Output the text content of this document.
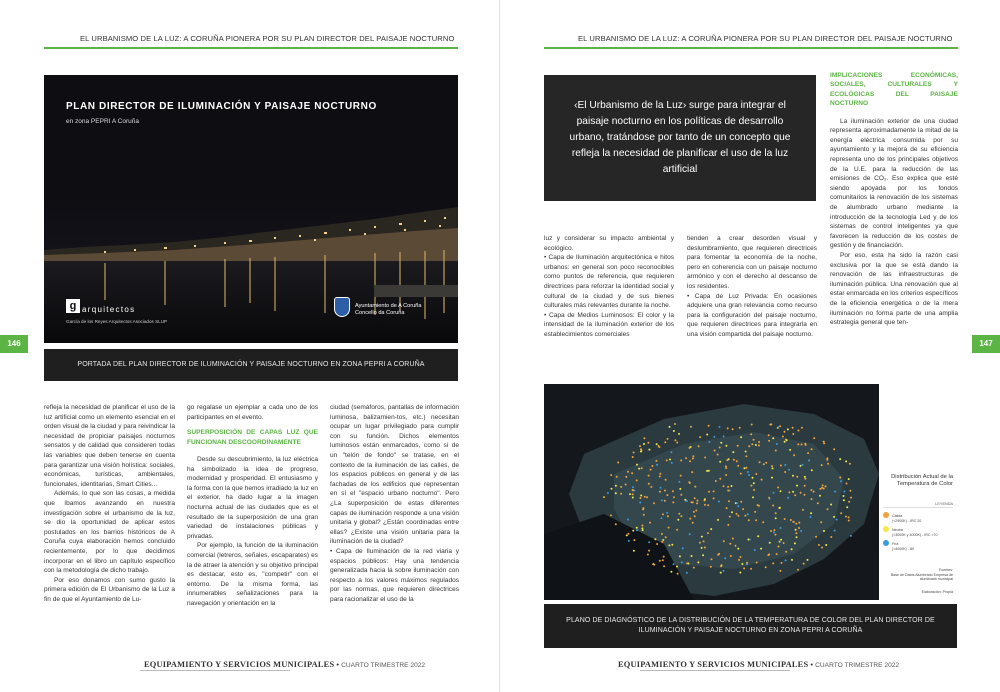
EL URBANISMO DE LA LUZ: A CORUÑA PIONERA POR SU PLAN DIRECTOR DEL PAISAJE NOCTURNO
146
PLAN DIRECTOR DE ILUMINACIÓN Y PAISAJE NOCTURNO
en zona PEPRI A Coruña
g arquitectos
García de los Reyes Arquitectos Asociados SLUP
Ayuntamiento de A Coruña
Concello da Coruña
PORTADA DEL PLAN DIRECTOR DE ILUMINACIÓN Y PAISAJE NOCTURNO EN ZONA PEPRI A CORUÑA

refleja la necesidad de planificar el uso de la luz artificial como un elemento esencial en el orden visual de la ciudad y para reivindicar la necesidad de propiciar paisajes nocturnos sensatos y de calidad que consideren todas las variables que deben tenerse en cuenta para garantizar una visión holística: sociales, económicas, turísticas, ambientales, funcionales, identitarias, Smart Cities...

Además, lo que son las cosas, a medida que íbamos avanzando en nuestra investigación sobre el urbanismo de la luz, se dio la oportunidad de aplicar estos postulados en los barrios históricos de A Coruña cuya elaboración hemos concluido recientemente, por lo que decidimos incorporar en el libro un capítulo específico con la metodología de dicho trabajo.

Por eso donamos con sumo gusto la primera edición de El Urbanismo de la Luz a fin de que el Ayuntamiento de Lu-

go regalase un ejemplar a cada uno de los participantes en el evento.

SUPERPOSICIÓN DE CAPAS LUZ QUE FUNCIONAN DESCOORDINAMENTE

Desde su descubrimiento, la luz eléctrica ha simbolizado la idea de progreso, modernidad y prosperidad. El entusiasmo y la forma con la que hemos irradiado la luz en el exterior, ha dado lugar a la imagen nocturna actual de las ciudades que es el resultado de la superposición de una gran variedad de instalaciones públicas y privadas.

Por ejemplo, la función de la iluminación comercial (letreros, señales, escaparates) es la de atraer la atención y su objetivo principal es destacar, esto es, "competir" con el entorno. De la misma forma, las innumerables señalizaciones para la navegación y orientación en la

ciudad (semáforos, pantallas de información luminosa, balizamien-tos, etc.) necesitan ocupar un lugar privilegiado para cumplir con su función. Dichos elementos luminosos están enmarcados, como si de un "telón de fondo" se tratase, en el contexto de la iluminación de las calles, de los espacios públicos en general y de las fachadas de los edificios que representan en sí el "espacio urbano nocturno". Pero ¿La superposición de estas diferentes capas de iluminación responde a una visión unitaria y global? ¿Están coordinadas entre ellas? ¿Existe una visión unitaria para la iluminación de la ciudad?

• Capa de Iluminación de la red viaria y espacios públicos: Hay una tendencia generalizada hacia la sobre iluminación con respecto a los valores máximos regulados por las normas, que requieren directrices para racionalizar el uso de la

EQUIPAMIENTO Y SERVICIOS MUNICIPALES • CUARTO TRIMESTRE 2022
EL URBANISMO DE LA LUZ: A CORUÑA PIONERA POR SU PLAN DIRECTOR DEL PAISAJE NOCTURNO
147

luz y considerar su impacto ambiental y ecológico.

• Capa de Iluminación arquitectónica e hitos urbanos: en general son poco reconocibles como puntos de referencia, que requieren directrices para reforzar la identidad social y cultural de la ciudad y de sus bienes culturales más relevantes durante la noche.

• Capa de Medios Luminosos: El color y la intensidad de la iluminación exterior de los establecimientos comerciales

tienden a crear desorden visual y deslumbramiento, que requieren directrices para fomentar la economía de la noche, pero en coherencia con un paisaje nocturno armónico y con el derecho al descanso de los residentes.

• Capa de Luz Privada: En ocasiones adquiere una gran relevancia como recurso para la configuración del paisaje nocturno, que requieren directrices para integrarla en una visión compartida del paisaje nocturno.

IMPLICACIONES ECONÓMICAS, SOCIALES, CULTURALES Y ECOLÓGICAS DEL PAISAJE NOCTURNO

La iluminación exterior de una ciudad representa aproximadamente la mitad de la energía eléctrica consumida por su ayuntamiento y la mejora de su eficiencia representa uno de los principales objetivos de la U.E. para la reducción de las emisiones de CO₂. Eso explica que esté siendo apoyada por los fondos comunitarios la renovación de los sistemas de alumbrado urbano mediante la introducción de la tecnología Led y de los sistemas de control inteligentes ya que favorecen la reducción de los costes de gestión y de financiación.

Por eso, esta ha sido la razón casi exclusiva por la que se está dando la renovación de las infraestructuras de iluminación pública. Una renovación que al estar enmarcada en los criterios específicos de la eficiencia energética o de la mera iluminación no forma parte de una amplia estrategia general que ten-

EQUIPAMIENTO Y SERVICIOS MUNICIPALES • CUARTO TRIMESTRE 2022
‹El Urbanismo de la Luz› surge para integrar el paisaje nocturno en los políticas de desarrollo urbano, tratándose por tanto de un concepto que refleja la necesidad de planificar el uso de la luz artificial
Distribución Actual de la Temperatura de Color
LEYENDA
Cálida
(<2900K) - IRC 20
Neutra
(>3000K y 4000K) - IRC >70
Fría
(>4000K) - 80
Fuentes:
Base de Datos Alumbrado Empresa de alumbrado municipal
Elaboración: Propia
PLANO DE DIAGNÓSTICO DE LA DISTRIBUCIÓN DE LA TEMPERATURA DE COLOR DEL PLAN DIRECTOR DE ILUMINACIÓN Y PAISAJE NOCTURNO EN ZONA PEPRI A CORUÑA
